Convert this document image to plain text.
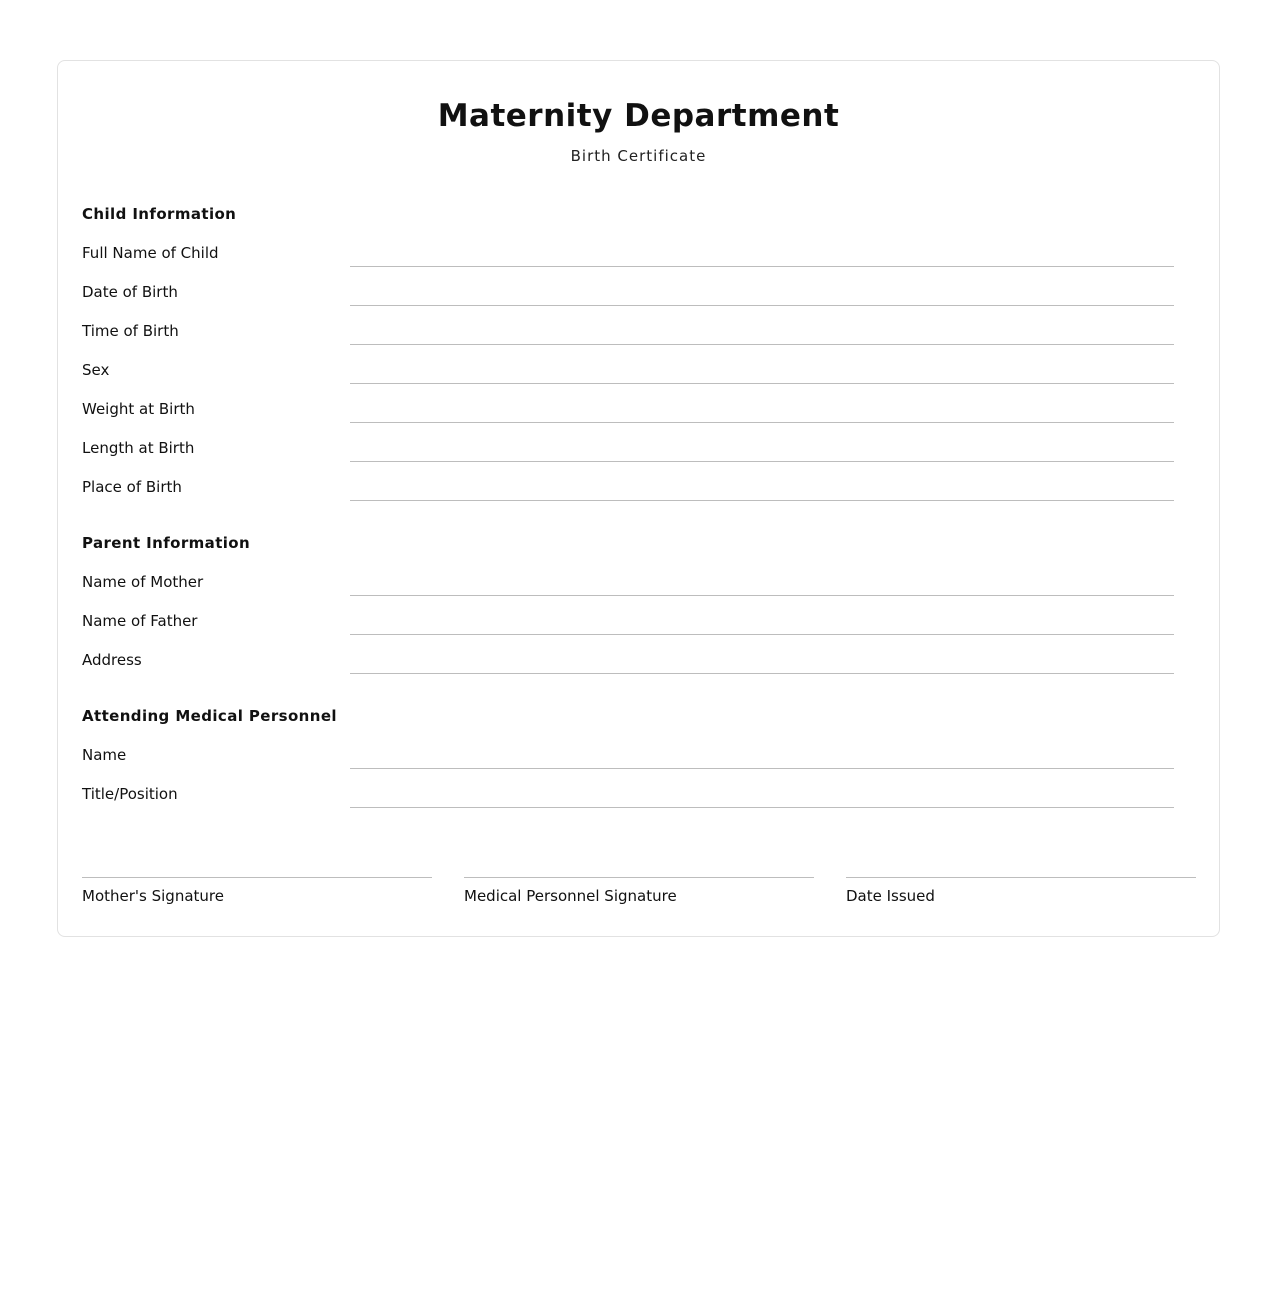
Maternity Department

Birth Certificate

Child Information
Full Name of Child
Date of Birth
Time of Birth
Sex
Weight at Birth
Length at Birth
Place of Birth
Parent Information
Name of Mother
Name of Father
Address
Attending Medical Personnel
Name
Title/Position
Mother's Signature	Medical Personnel Signature	Date Issued
